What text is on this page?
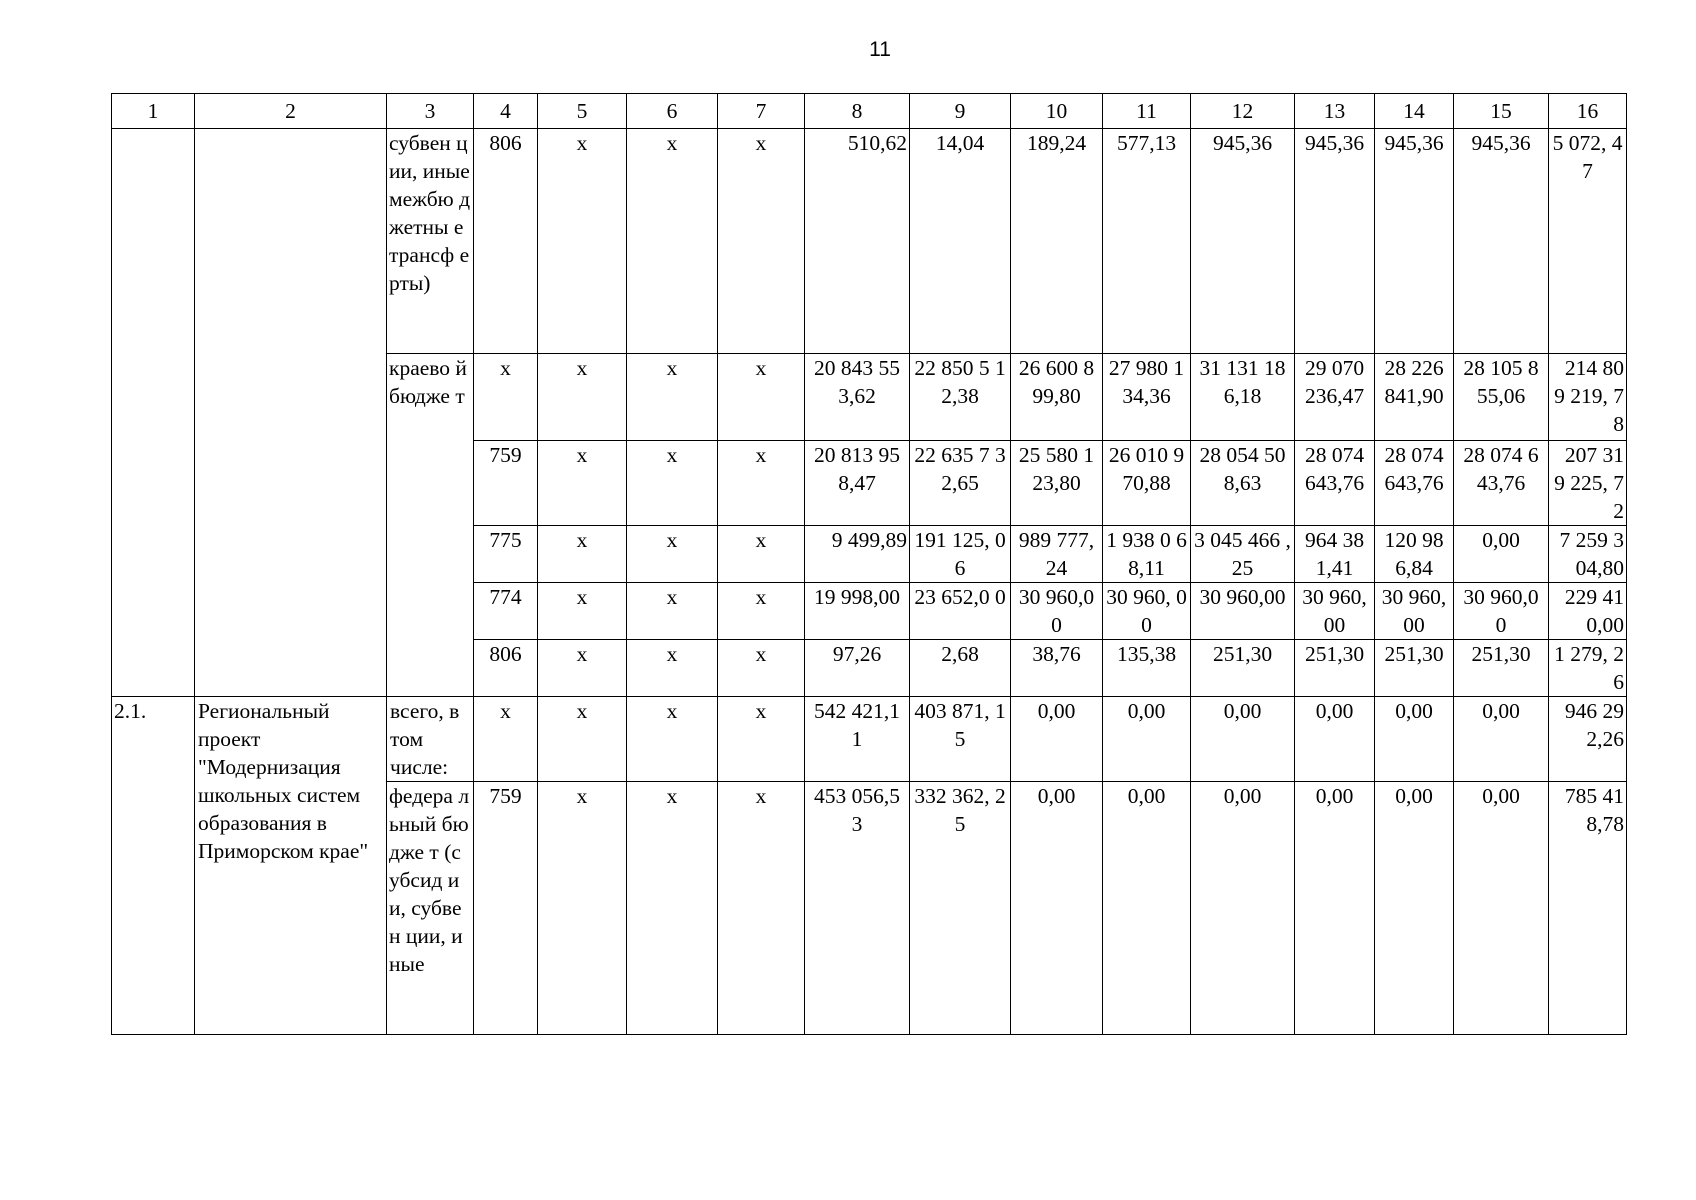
11
1	2	3	4	5	6	7	8	9	10	11	12	13	14	15	16
		субвен ции, иные межбю джетны е трансф ерты)	806	х	х	х	510,62	14,04	189,24	577,13	945,36	945,36	945,36	945,36	5 072, 47
		краево й бюдже т	х	х	х	х	20 843 55 3,62	22 850 5 12,38	26 600 8 99,80	27 980 134,36	31 131 18 6,18	29 070 236,47	28 226 841,90	28 105 8 55,06	214 80 9 219, 78
			759	х	х	х	20 813 95 8,47	22 635 7 32,65	25 580 1 23,80	26 010 970,88	28 054 50 8,63	28 074 643,76	28 074 643,76	28 074 6 43,76	207 31 9 225, 72
			775	х	х	х	9 499,89	191 125, 06	989 777, 24	1 938 0 68,11	3 045 466 ,25	964 38 1,41	120 98 6,84	0,00	7 259 304,80
			774	х	х	х	19 998,00	23 652,0 0	30 960,0 0	30 960, 00	30 960,00	30 960, 00	30 960, 00	30 960,0 0	229 41 0,00
			806	х	х	х	97,26	2,68	38,76	135,38	251,30	251,30	251,30	251,30	1 279, 26
2.1.	Региональный проект "Модернизация школьных систем образования в Приморском крае"	всего, в том числе:	х	х	х	х	542 421,1 1	403 871, 15	0,00	0,00	0,00	0,00	0,00	0,00	946 29 2,26
		федера льный бюдже т (субсид ии, субвен ции, иные	759	х	х	х	453 056,5 3	332 362, 25	0,00	0,00	0,00	0,00	0,00	0,00	785 41 8,78
